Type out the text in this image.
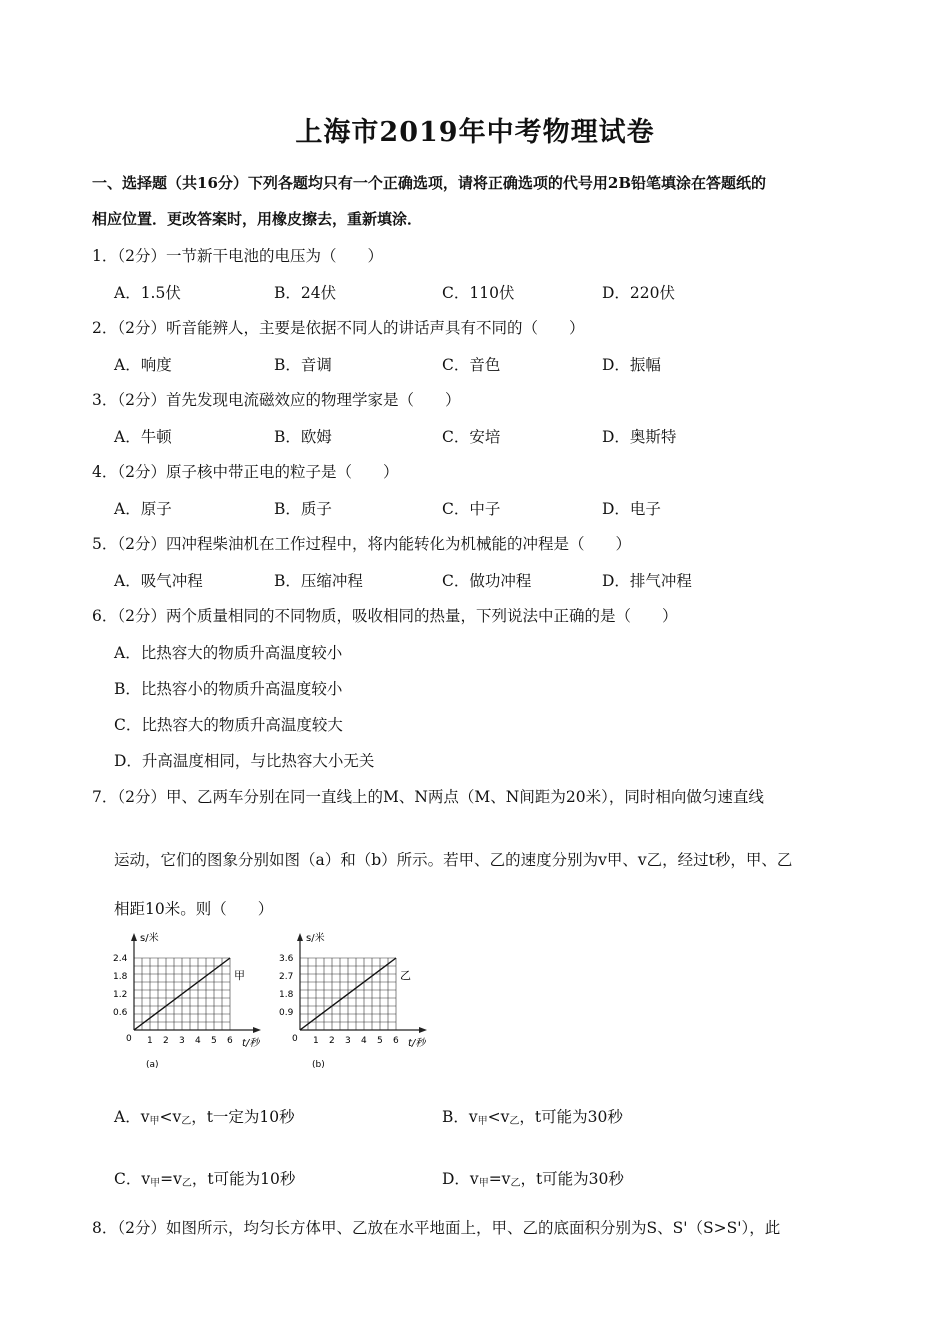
上海市2019年中考物理试卷
一、选择题（共16分）下列各题均只有一个正确选项，请将正确选项的代号用2B铅笔填涂在答题纸的
相应位置．更改答案时，用橡皮擦去，重新填涂．
1．（2分）一节新干电池的电压为（　　）
A．1.5伏	B．24伏	C．110伏	D．220伏
2．（2分）听音能辨人，主要是依据不同人的讲话声具有不同的（　　）
A．响度	B．音调	C．音色	D．振幅
3．（2分）首先发现电流磁效应的物理学家是（　　）
A．牛顿	B．欧姆	C．安培	D．奥斯特
4．（2分）原子核中带正电的粒子是（　　）
A．原子	B．质子	C．中子	D．电子
5．（2分）四冲程柴油机在工作过程中，将内能转化为机械能的冲程是（　　）
A．吸气冲程	B．压缩冲程	C．做功冲程	D．排气冲程
6．（2分）两个质量相同的不同物质，吸收相同的热量，下列说法中正确的是（　　）
A．比热容大的物质升高温度较小
B．比热容小的物质升高温度较小
C．比热容大的物质升高温度较大
D．升高温度相同，与比热容大小无关
7．（2分）甲、乙两车分别在同一直线上的M、N两点（M、N间距为20米），同时相向做匀速直线
运动，它们的图象分别如图（a）和（b）所示。若甲、乙的速度分别为v甲、v乙，经过t秒，甲、乙
相距10米。则（　　）
s/米
甲
t/秒
2.4
1.8
1.2
0.6
0 1 2 3 4 5 6
(a)
s/米
乙
t/秒
3.6
2.7
1.8
0.9
0 1 2 3 4 5 6
(b)
A．$v_甲<v_乙$，t一定为10秒	B．$v_甲<v_乙$，t可能为30秒
C．$v_甲=v_乙$，t可能为10秒	D．$v_甲=v_乙$，t可能为30秒
8．（2分）如图所示，均匀长方体甲、乙放在水平地面上，甲、乙的底面积分别为S、S'（S>S'），此
